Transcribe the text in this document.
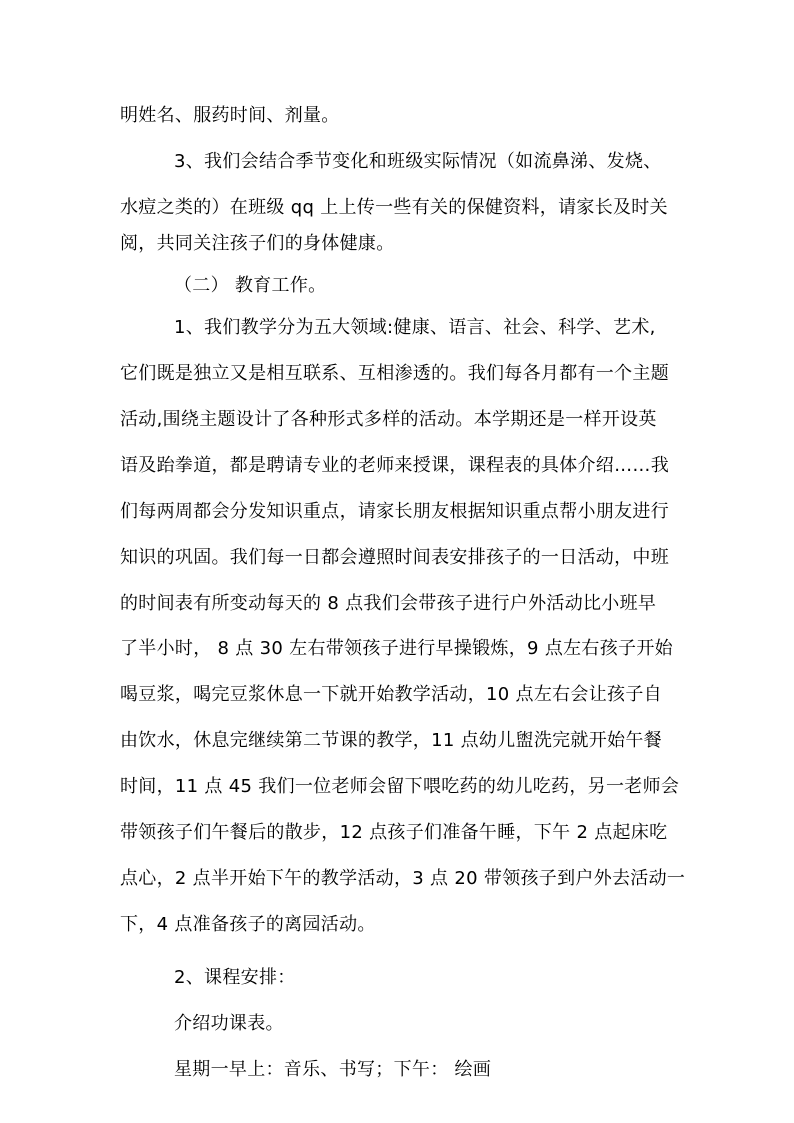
明姓名、服药时间、剂量。
3、我们会结合季节变化和班级实际情况（如流鼻涕、发烧、
水痘之类的）在班级 qq 上上传一些有关的保健资料，请家长及时关
阅，共同关注孩子们的身体健康。
（二） 教育工作。
1、我们教学分为五大领域:健康、语言、社会、科学、艺术,
它们既是独立又是相互联系、互相渗透的。我们每各月都有一个主题
活动,围绕主题设计了各种形式多样的活动。本学期还是一样开设英
语及跆拳道，都是聘请专业的老师来授课，课程表的具体介绍……我
们每两周都会分发知识重点，请家长朋友根据知识重点帮小朋友进行
知识的巩固。我们每一日都会遵照时间表安排孩子的一日活动，中班
的时间表有所变动每天的 8 点我们会带孩子进行户外活动比小班早
了半小时， 8 点 30 左右带领孩子进行早操锻炼，9 点左右孩子开始
喝豆浆，喝完豆浆休息一下就开始教学活动，10 点左右会让孩子自
由饮水，休息完继续第二节课的教学，11 点幼儿盥洗完就开始午餐
时间，11 点 45 我们一位老师会留下喂吃药的幼儿吃药，另一老师会
带领孩子们午餐后的散步，12 点孩子们准备午睡，下午 2 点起床吃
点心，2 点半开始下午的教学活动，3 点 20 带领孩子到户外去活动一
下，4 点准备孩子的离园活动。
2、课程安排：
介绍功课表。
星期一早上：音乐、书写；下午： 绘画
